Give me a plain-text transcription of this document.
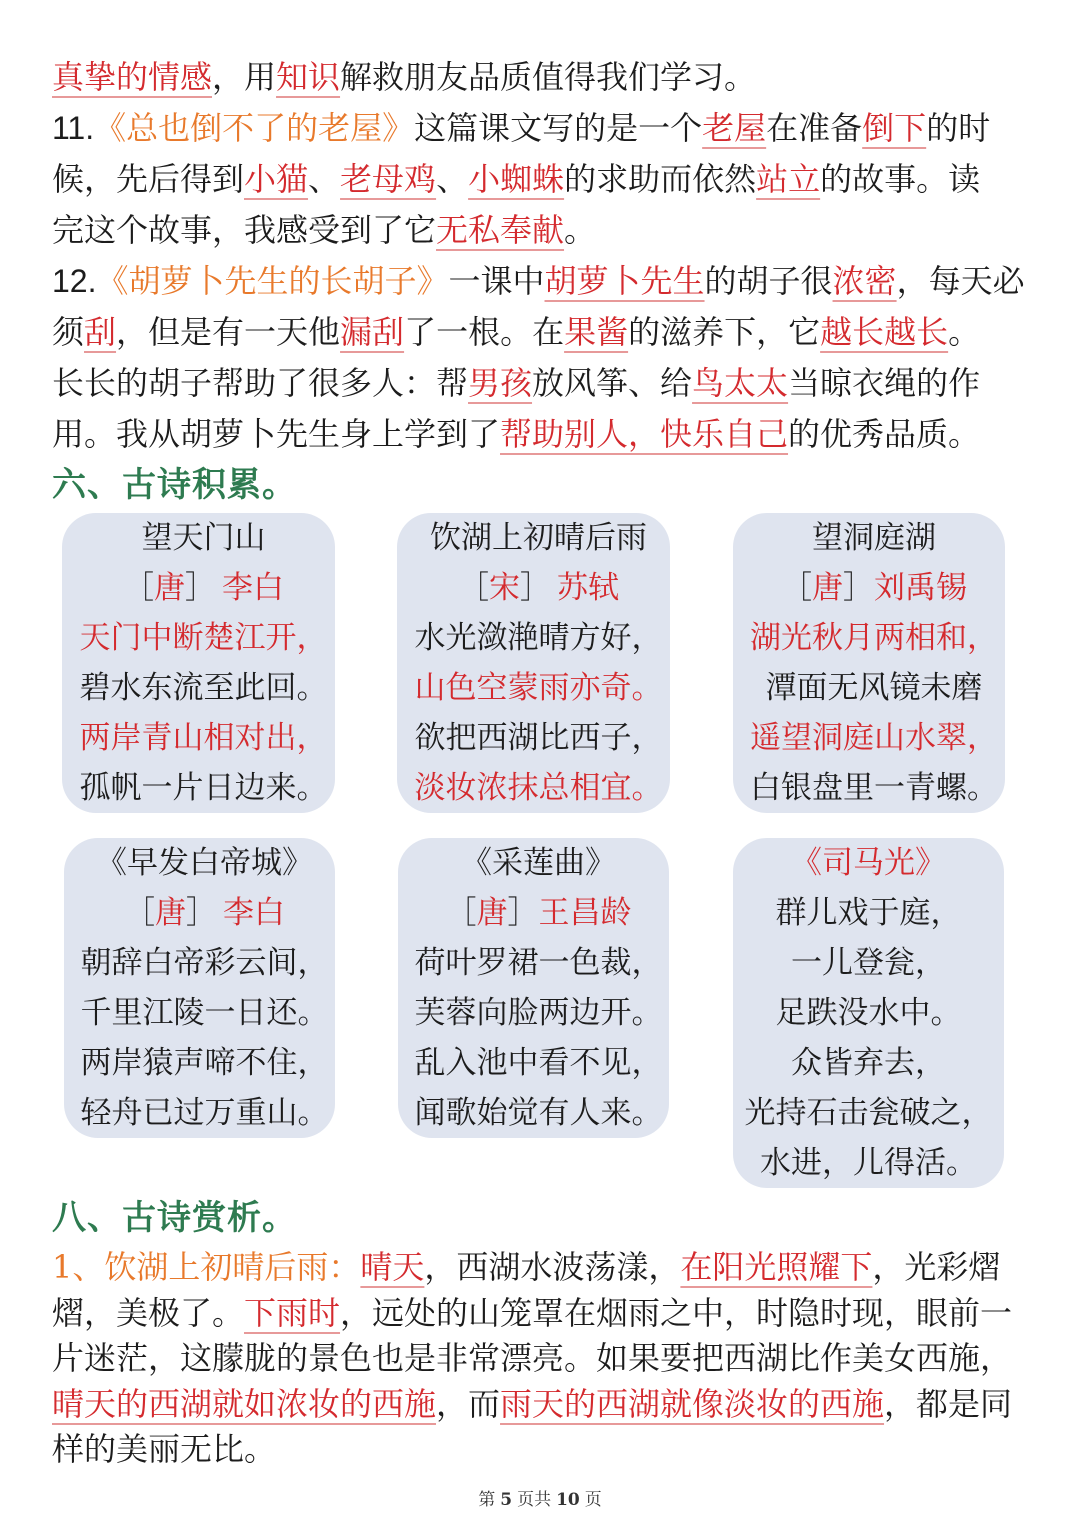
真挚的情感 ，用 知识 解救朋友品质值得我们学习。
11. 《总也倒不了的老屋》 这篇课文写的是一个 老屋 在准备 倒下 的时
候，先后得到 小猫 、 老母鸡 、 小蜘蛛 的求助而依然 站立 的故事。读
完这个故事，我感受到了它 无私奉献 。
12. 《胡萝卜先生的长胡子》 一课中 胡萝卜先生 的胡子很 浓密 ，每天必
须 刮 ，但是有一天他 漏刮 了一根。在 果酱 的滋养下，它 越长越长 。
长长的胡子帮助了很多人：帮 男孩 放风筝、给 鸟太太 当晾衣绳的作
用。我从胡萝卜先生身上学到了 帮助别人，快乐自己 的优秀品质。
六、古诗积累。
望天门山
［ 唐 ］ 李白
天门中断楚江开，
碧水东流至此回。
两岸青山相对出，
孤帆一片日边来。
饮湖上初晴后雨
［ 宋 ］ 苏轼
水光潋滟晴方好，
山色空蒙雨亦奇。
欲把西湖比西子，
淡妆浓抹总相宜。
望洞庭湖
［ 唐 ］ 刘禹锡
湖光秋月两相和，
潭面无风镜未磨
遥望洞庭山水翠，
白银盘里一青螺。
《早发白帝城》
［ 唐 ］ 李白
朝辞白帝彩云间，
千里江陵一日还。
两岸猿声啼不住，
轻舟已过万重山。
《采莲曲》
［ 唐 ］ 王昌龄
荷叶罗裙一色裁，
芙蓉向脸两边开。
乱入池中看不见，
闻歌始觉有人来。
《司马光》
群儿戏于庭，
一儿登瓮，
足跌没水中。
众皆弃去，
光持石击瓮破之，
水进，儿得活。
八、古诗赏析。
1、饮湖上初晴后雨： 晴天 ，西湖水波荡漾， 在阳光照耀下 ，光彩熠
熠，美极了。 下雨时 ，远处的山笼罩在烟雨之中，时隐时现，眼前一
片迷茫，这朦胧的景色也是非常漂亮。如果要把西湖比作美女西施，
晴天的西湖就如浓妆的西施 ，而 雨天的西湖就像淡妆的西施 ，都是同
样的美丽无比。
第 5 页共 10 页
